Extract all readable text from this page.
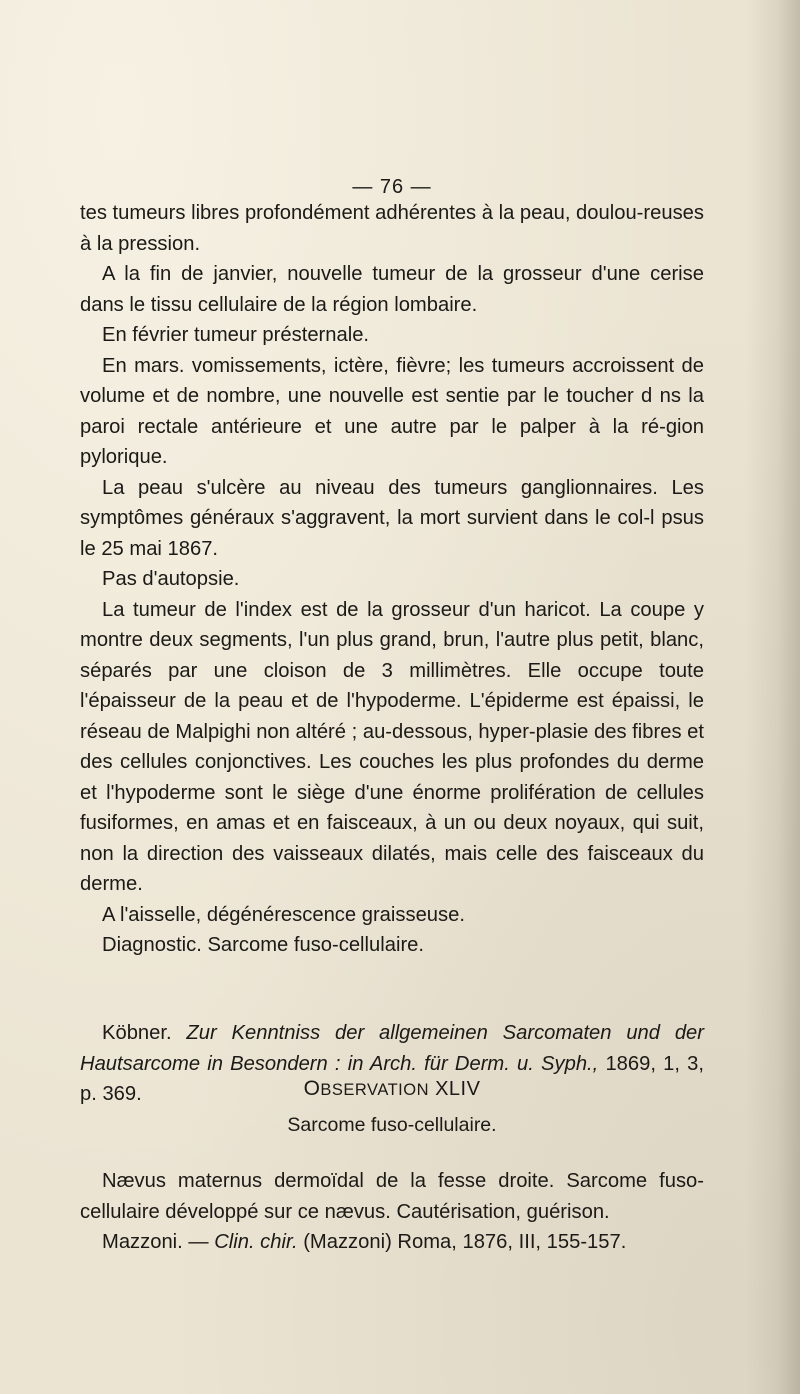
— 76 —

tes tumeurs libres profondément adhérentes à la peau, doulou-reuses à la pression.

A la fin de janvier, nouvelle tumeur de la grosseur d'une cerise dans le tissu cellulaire de la région lombaire.

En février tumeur présternale.

En mars. vomissements, ictère, fièvre; les tumeurs accroissent de volume et de nombre, une nouvelle est sentie par le toucher d ns la paroi rectale antérieure et une autre par le palper à la ré-gion pylorique.

La peau s'ulcère au niveau des tumeurs ganglionnaires. Les symptômes généraux s'aggravent, la mort survient dans le col-l psus le 25 mai 1867.

Pas d'autopsie.

La tumeur de l'index est de la grosseur d'un haricot. La coupe y montre deux segments, l'un plus grand, brun, l'autre plus petit, blanc, séparés par une cloison de 3 millimètres. Elle occupe toute l'épaisseur de la peau et de l'hypoderme. L'épiderme est épaissi, le réseau de Malpighi non altéré ; au-dessous, hyper-plasie des fibres et des cellules conjonctives. Les couches les plus profondes du derme et l'hypoderme sont le siège d'une énorme prolifération de cellules fusiformes, en amas et en faisceaux, à un ou deux noyaux, qui suit, non la direction des vaisseaux dilatés, mais celle des faisceaux du derme.

A l'aisselle, dégénérescence graisseuse.

Diagnostic. Sarcome fuso-cellulaire.

Köbner. Zur Kenntniss der allgemeinen Sarcomaten und der Hautsarcome in Besondern : in Arch. für Derm. u. Syph., 1869, 1, 3, p. 369.	OBSERVATION XLIV
Sarcome fuso-cellulaire.

Nævus maternus dermoïdal de la fesse droite. Sarcome fuso-cellulaire développé sur ce nævus. Cautérisation, guérison.

Mazzoni. — Clin. chir. (Mazzoni) Roma, 1876, III, 155-157.
